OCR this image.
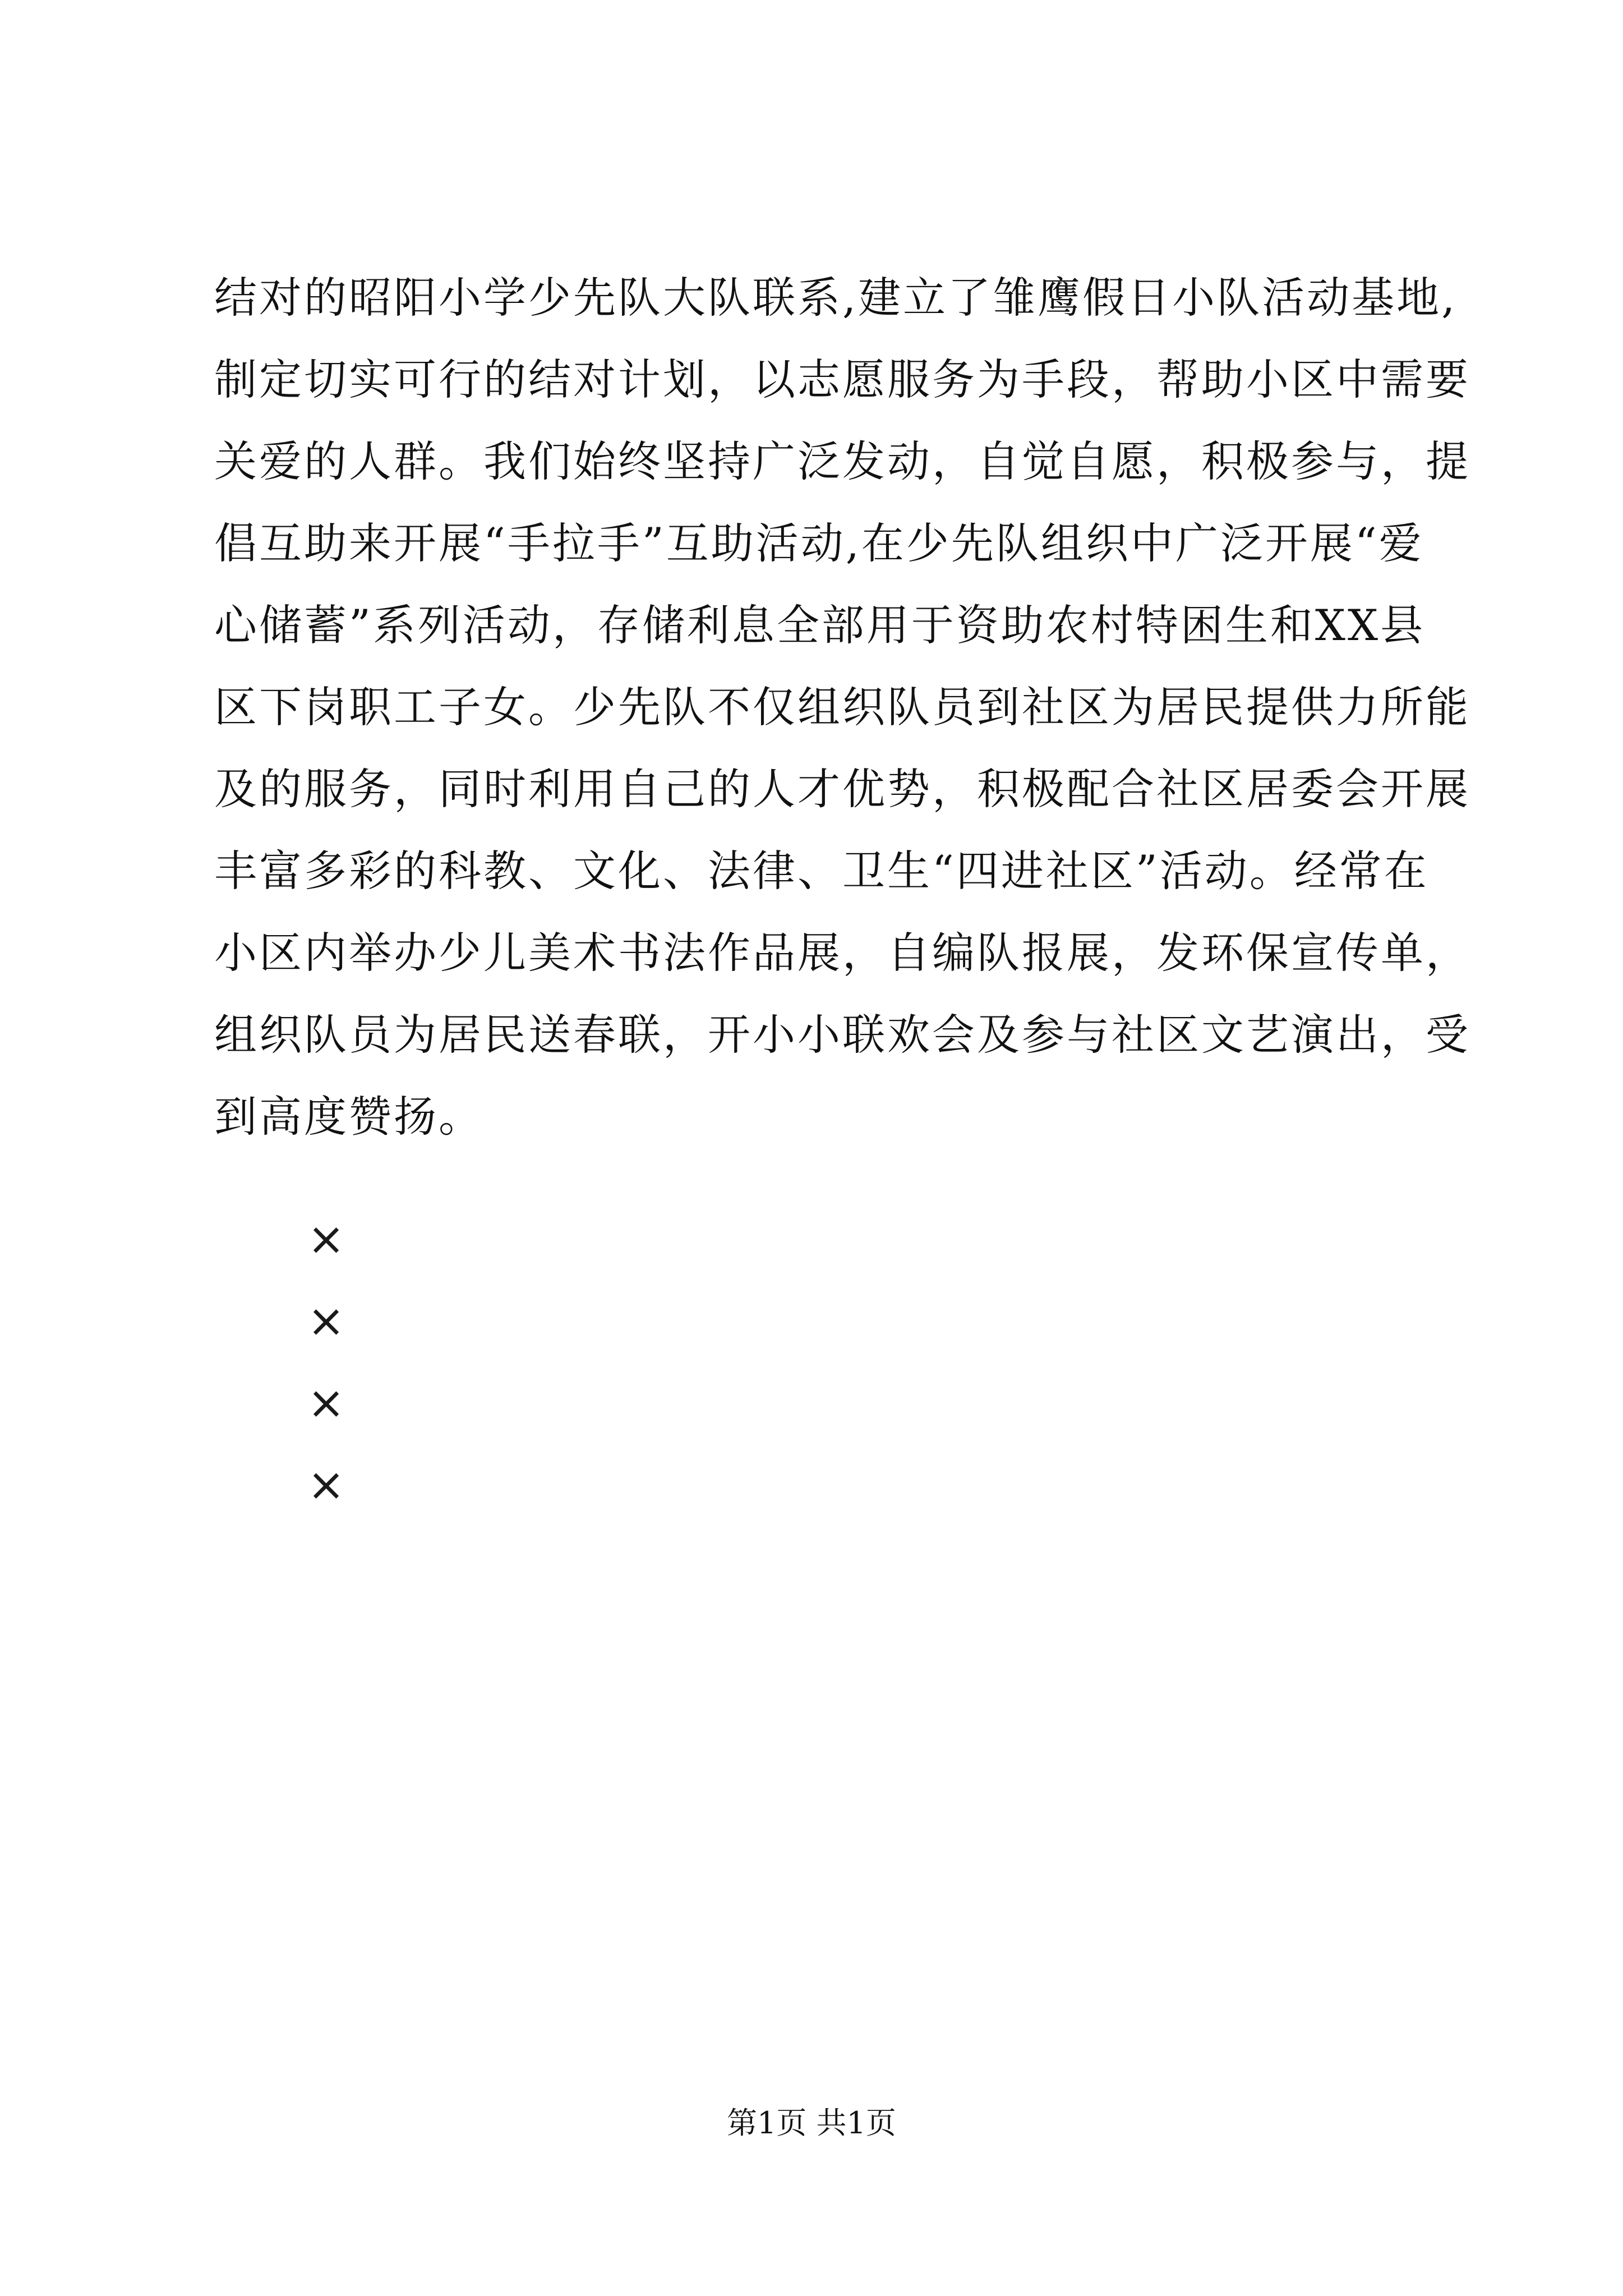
结对的昭阳小学少先队大队联系,建立了雏鹰假日小队活动基地,
制定切实可行的结对计划，以志愿服务为手段，帮助小区中需要
关爱的人群。我们始终坚持广泛发动，自觉自愿，积极参与，提
倡互助来开展“手拉手”互助活动,在少先队组织中广泛开展“爱
心储蓄”系列活动，存储利息全部用于资助农村特困生和XX县
区下岗职工子女。少先队不仅组织队员到社区为居民提供力所能
及的服务，同时利用自己的人才优势，积极配合社区居委会开展
丰富多彩的科教、文化、法律、卫生“四进社区”活动。经常在
小区内举办少儿美术书法作品展，自编队报展，发环保宣传单，
组织队员为居民送春联，开小小联欢会及参与社区文艺演出，受
到高度赞扬。
×
×
×
×
第1页 共1页
